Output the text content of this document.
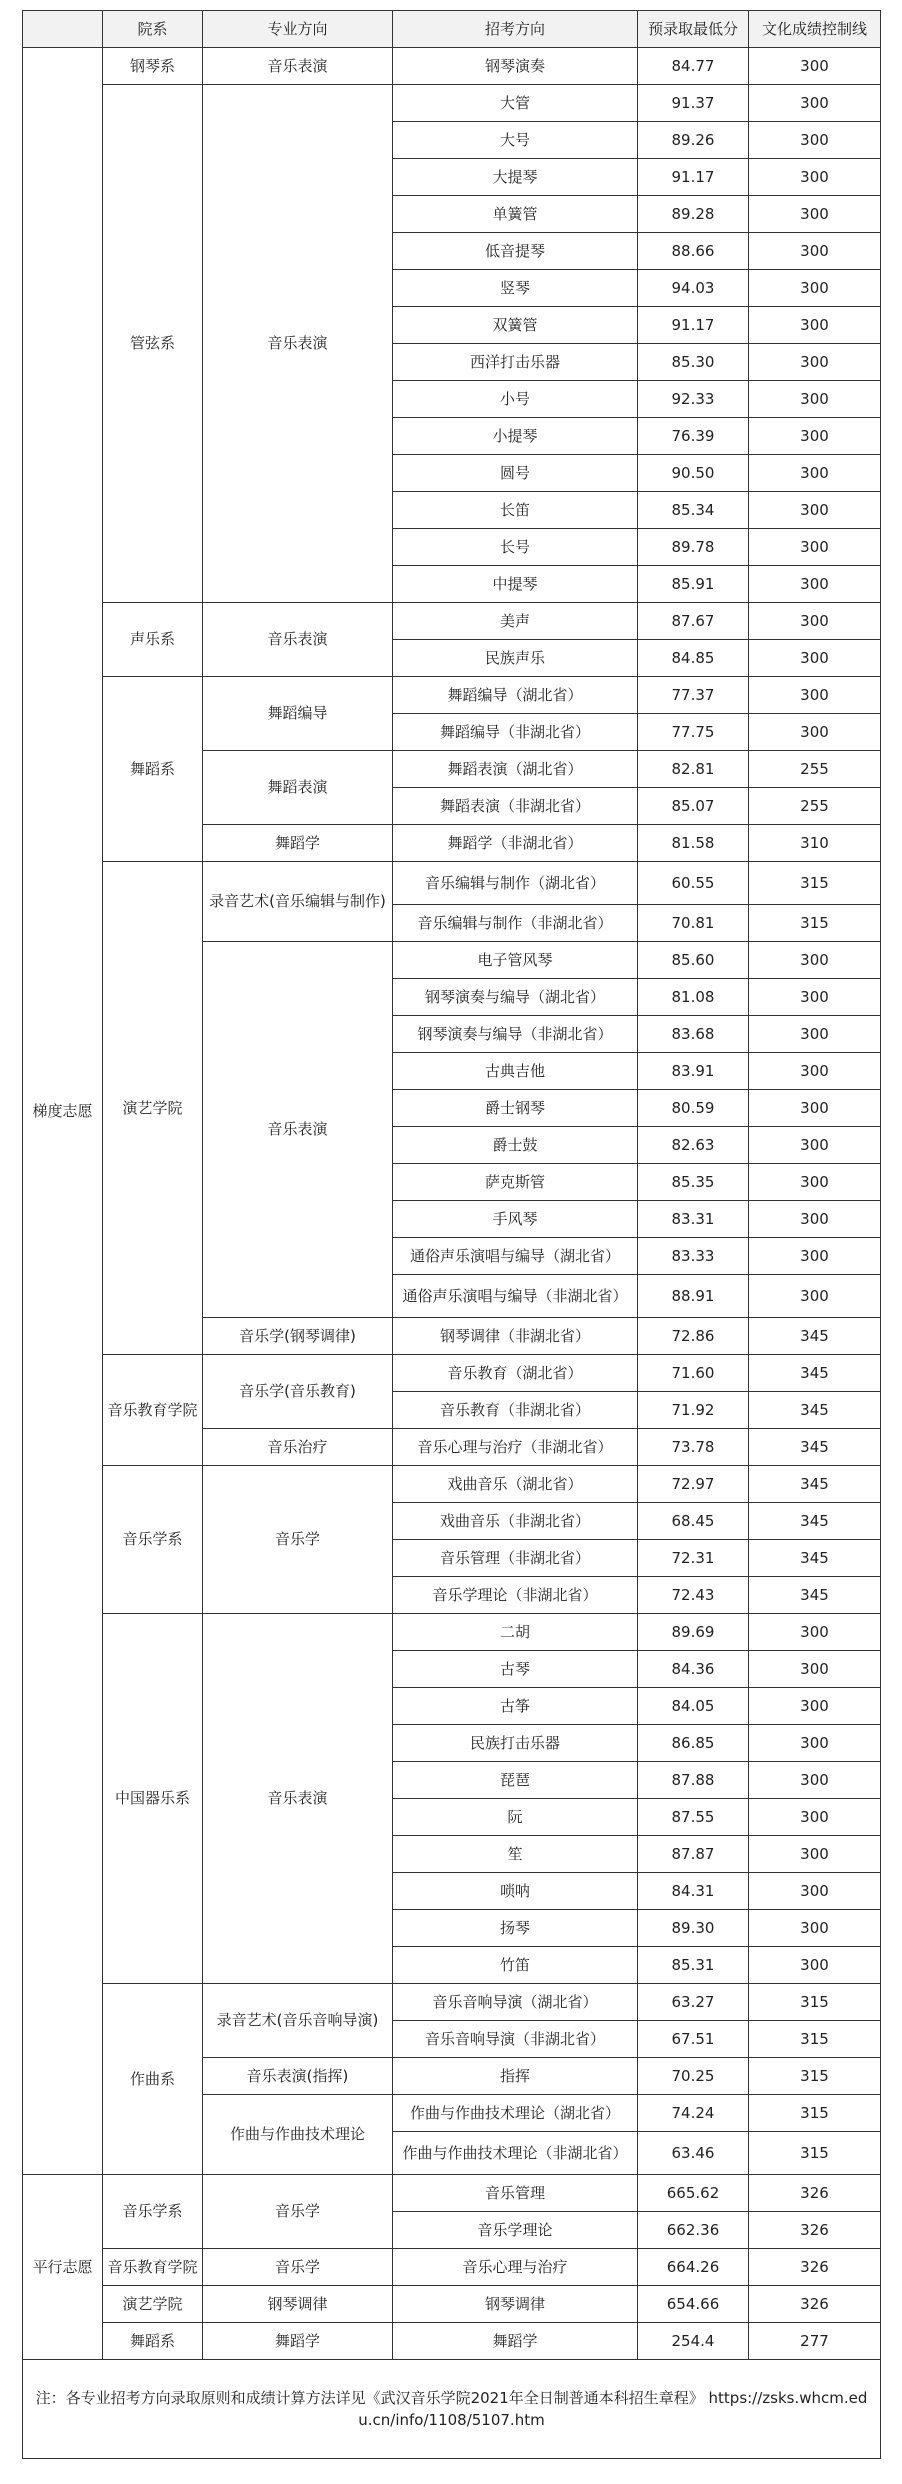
	院系	专业方向	招考方向	预录取最低分	文化成绩控制线
梯度志愿	钢琴系	音乐表演	钢琴演奏	84.77	300
	管弦系	音乐表演	大管	91.37	300
			大号	89.26	300
			大提琴	91.17	300
			单簧管	89.28	300
			低音提琴	88.66	300
			竖琴	94.03	300
			双簧管	91.17	300
			西洋打击乐器	85.30	300
			小号	92.33	300
			小提琴	76.39	300
			圆号	90.50	300
			长笛	85.34	300
			长号	89.78	300
			中提琴	85.91	300
	声乐系	音乐表演	美声	87.67	300
			民族声乐	84.85	300
	舞蹈系	舞蹈编导	舞蹈编导（湖北省）	77.37	300
			舞蹈编导（非湖北省）	77.75	300
		舞蹈表演	舞蹈表演（湖北省）	82.81	255
			舞蹈表演（非湖北省）	85.07	255
		舞蹈学	舞蹈学（非湖北省）	81.58	310
	演艺学院	录音艺术(音乐编辑与制作)	音乐编辑与制作（湖北省）	60.55	315
			音乐编辑与制作（非湖北省）	70.81	315
		音乐表演	电子管风琴	85.60	300
			钢琴演奏与编导（湖北省）	81.08	300
			钢琴演奏与编导（非湖北省）	83.68	300
			古典吉他	83.91	300
			爵士钢琴	80.59	300
			爵士鼓	82.63	300
			萨克斯管	85.35	300
			手风琴	83.31	300
			通俗声乐演唱与编导（湖北省）	83.33	300
			通俗声乐演唱与编导（非湖北省）	88.91	300
		音乐学(钢琴调律)	钢琴调律（非湖北省）	72.86	345
	音乐教育学院	音乐学(音乐教育)	音乐教育（湖北省）	71.60	345
			音乐教育（非湖北省）	71.92	345
		音乐治疗	音乐心理与治疗（非湖北省）	73.78	345
	音乐学系	音乐学	戏曲音乐（湖北省）	72.97	345
			戏曲音乐（非湖北省）	68.45	345
			音乐管理（非湖北省）	72.31	345
			音乐学理论（非湖北省）	72.43	345
	中国器乐系	音乐表演	二胡	89.69	300
			古琴	84.36	300
			古筝	84.05	300
			民族打击乐器	86.85	300
			琵琶	87.88	300
			阮	87.55	300
			笙	87.87	300
			唢呐	84.31	300
			扬琴	89.30	300
			竹笛	85.31	300
	作曲系	录音艺术(音乐音响导演)	音乐音响导演（湖北省）	63.27	315
			音乐音响导演（非湖北省）	67.51	315
		音乐表演(指挥)	指挥	70.25	315
		作曲与作曲技术理论	作曲与作曲技术理论（湖北省）	74.24	315
			作曲与作曲技术理论（非湖北省）	63.46	315
平行志愿	音乐学系	音乐学	音乐管理	665.62	326
			音乐学理论	662.36	326
	音乐教育学院	音乐学	音乐心理与治疗	664.26	326
	演艺学院	钢琴调律	钢琴调律	654.66	326
	舞蹈系	舞蹈学	舞蹈学	254.4	277
注：各专业招考方向录取原则和成绩计算方法详见《武汉音乐学院2021年全日制普通本科招生章程》 https://zsks.whcm.edu.cn/info/1108/5107.htm					
